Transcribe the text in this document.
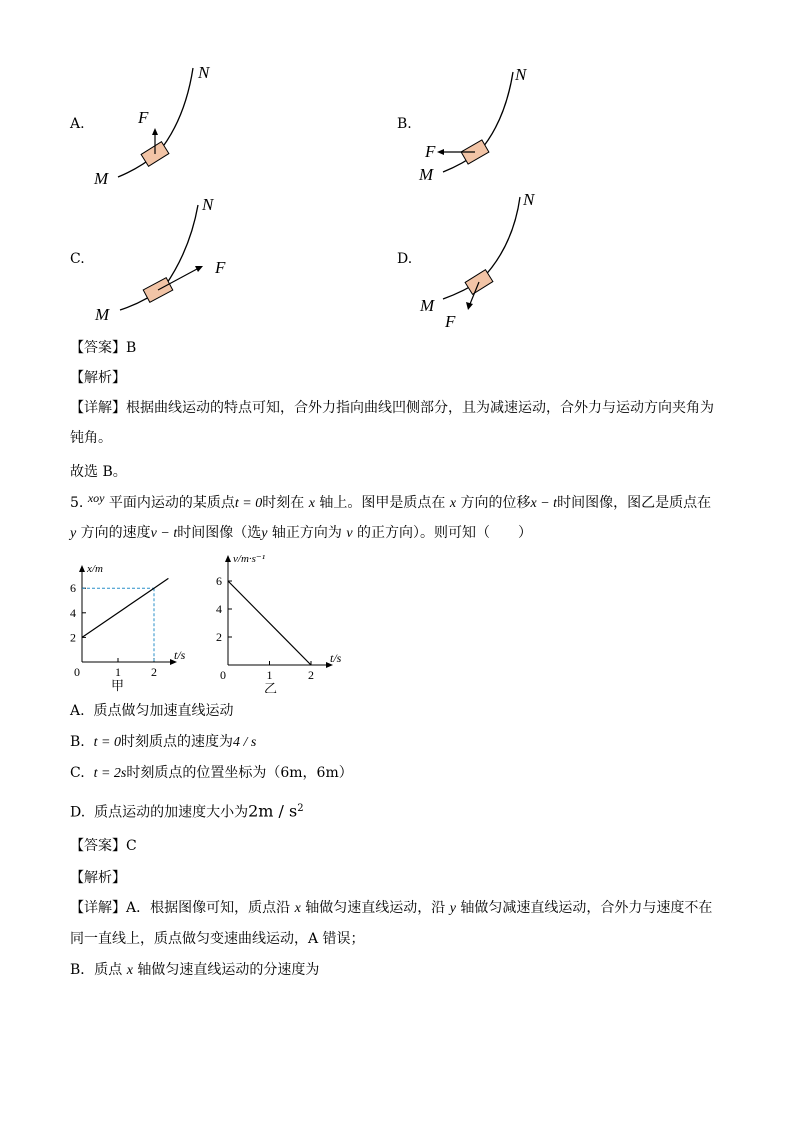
A.	F
M
N
B.
F
M
N
C.	F
M
N
D.
F
M
N
【答案】B
【解析】
【详解】根据曲线运动的特点可知，合外力指向曲线凹侧部分，且为减速运动，合外力与运动方向夹角为
钝角。
故选 B。
5. xoy 平面内运动的某质点t = 0时刻在 x 轴上。图甲是质点在 x 方向的位移x − t时间图像，图乙是质点在
y 方向的速度v − t时间图像（选y 轴正方向为 v 的正方向）。则可知（　　）
0	1	2
2
4
6
t/s
x/m
甲
0	1	2
2
4
6
t/s
v/m·s⁻¹
乙
A. 质点做匀加速直线运动
B. t = 0时刻质点的速度为4 / s
C. t = 2s时刻质点的位置坐标为（6m，6m）
D. 质点运动的加速度大小为$2m / s^2$
【答案】C
【解析】
【详解】A．根据图像可知，质点沿 x 轴做匀速直线运动，沿 y 轴做匀减速直线运动，合外力与速度不在
同一直线上，质点做匀变速曲线运动，A 错误；
B．质点 x 轴做匀速直线运动的分速度为
